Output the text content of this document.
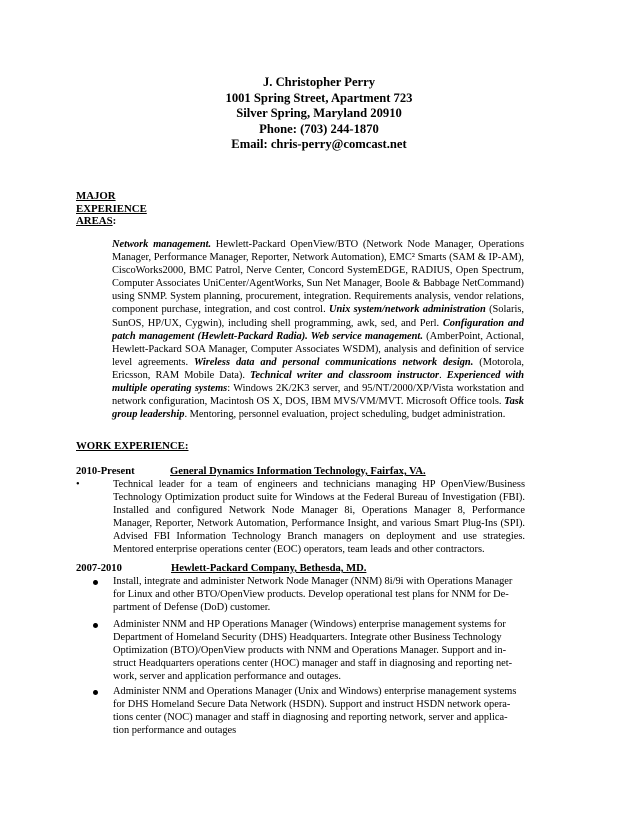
J. Christopher Perry
1001 Spring Street, Apartment 723
Silver Spring, Maryland 20910
Phone: (703) 244-1870
Email: chris-perry@comcast.net
MAJOR
EXPERIENCE
AREAS:
Network management. Hewlett-Packard OpenView/BTO (Network Node Manager, Operations Manager, Performance Manager, Reporter, Network Automation), EMC² Smarts (SAM & IP-AM), CiscoWorks2000, BMC Patrol, Nerve Center, Concord SystemEDGE, RADIUS, Open Spectrum, Computer Associates UniCenter/AgentWorks, Sun Net Manager, Boole & Babbage NetCommand) using SNMP. System planning, procurement, integration. Requirements analysis, vendor relations, component purchase, integration, and cost control. Unix system/network administration (Solaris, SunOS, HP/UX, Cygwin), including shell programming, awk, sed, and Perl. Configuration and patch management (Hewlett-Packard Radia). Web service management. (AmberPoint, Actional, Hewlett-Packard SOA Manager, Computer Associates WSDM), analysis and definition of service level agreements. Wireless data and personal communications network design. (Motorola, Ericsson, RAM Mobile Data). Technical writer and classroom instructor. Experienced with multiple operating systems: Windows 2K/2K3 server, and 95/NT/2000/XP/Vista workstation and network configuration, Macintosh OS X, DOS, IBM MVS/VM/MVT. Microsoft Office tools. Task group leadership. Mentoring, personnel evaluation, project scheduling, budget administration.
WORK EXPERIENCE:
2010-Present	General Dynamics Information Technology, Fairfax, VA.
•	Technical leader for a team of engineers and technicians managing HP OpenView/Business Technology Optimization product suite for Windows at the Federal Bureau of Investigation (FBI). Installed and configured Network Node Manager 8i, Operations Manager 8, Performance Manager, Reporter, Network Automation, Performance Insight, and various Smart Plug-Ins (SPI). Advised FBI Information Technology Branch managers on deployment and use strategies. Mentored enterprise operations center (EOC) operators, team leads and other contractors.
2007-2010	Hewlett-Packard Company, Bethesda, MD.
Install, integrate and administer Network Node Manager (NNM) 8i/9i with Operations Manager
for Linux and other BTO/OpenView products. Develop operational test plans for NNM for De-
partment of Defense (DoD) customer.
Administer NNM and HP Operations Manager (Windows) enterprise management systems for
Department of Homeland Security (DHS) Headquarters. Integrate other Business Technology
Optimization (BTO)/OpenView products with NNM and Operations Manager. Support and in-
struct Headquarters operations center (HOC) manager and staff in diagnosing and reporting net-
work, server and application performance and outages.
Administer NNM and Operations Manager (Unix and Windows) enterprise management systems
for DHS Homeland Secure Data Network (HSDN). Support and instruct HSDN network opera-
tions center (NOC) manager and staff in diagnosing and reporting network, server and applica-
tion performance and outages
